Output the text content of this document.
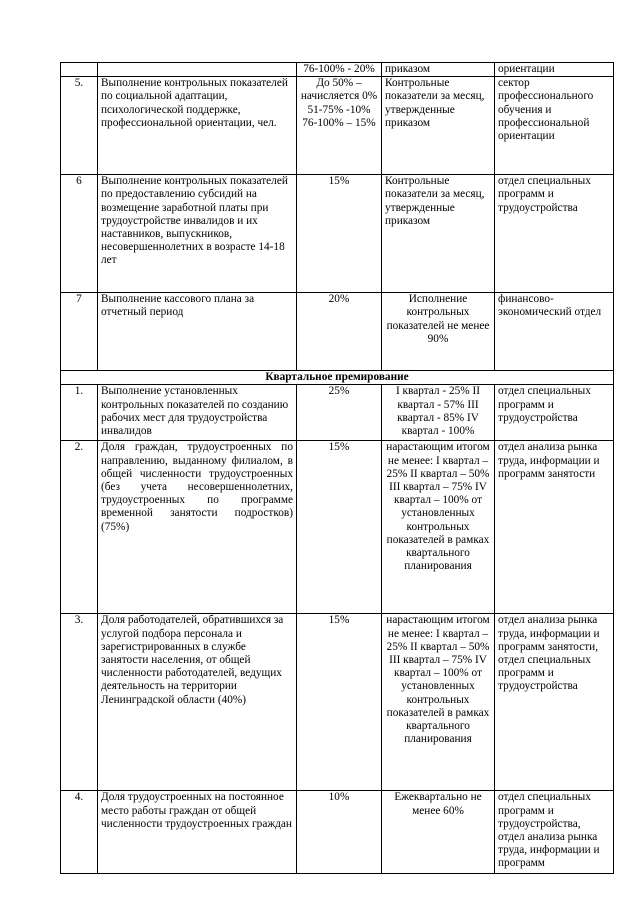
		76-100% - 20%	приказом	ориентации
5.	Выполнение контрольных показателей по социальной адаптации, психологической поддержке, профессиональной ориентации, чел.	До 50% – начисляется 0% 51-75% -10% 76-100% – 15%	Контрольные показатели за месяц, утвержденные приказом	сектор профессионального обучения и профессиональной ориентации
6	Выполнение контрольных показателей по предоставлению субсидий на возмещение заработной платы при трудоустройстве инвалидов и их наставников, выпускников, несовершеннолетних в возрасте 14-18 лет	15%	Контрольные показатели за месяц, утвержденные приказом	отдел специальных программ и трудоустройства
7	Выполнение кассового плана за отчетный период	20%	Исполнение контрольных показателей не менее 90%	финансово-экономический отдел
Квартальное премирование				
1.	Выполнение установленных контрольных показателей по созданию рабочих мест для трудоустройства инвалидов	25%	I квартал - 25% II квартал - 57% III квартал - 85% IV квартал - 100%	отдел специальных программ и трудоустройства
2.	Доля граждан, трудоустроенных по направлению, выданному филиалом, в общей численности трудоустроенных (без учета несовершеннолетних, трудоустроенных по программе временной занятости подростков) (75%)	15%	нарастающим итогом не менее: I квартал – 25% II квартал – 50% III квартал – 75% IV квартал – 100% от установленных контрольных показателей в рамках квартального планирования	отдел анализа рынка труда, информации и программ занятости
3.	Доля работодателей, обратившихся за услугой подбора персонала и зарегистрированных в службе занятости населения, от общей численности работодателей, ведущих деятельность на территории Ленинградской области (40%)	15%	нарастающим итогом не менее: I квартал – 25% II квартал – 50% III квартал – 75% IV квартал – 100% от установленных контрольных показателей в рамках квартального планирования	отдел анализа рынка труда, информации и программ занятости, отдел специальных программ и трудоустройства
4.	Доля трудоустроенных на постоянное место работы граждан от общей численности трудоустроенных граждан	10%	Ежеквартально не менее 60%	отдел специальных программ и трудоустройства, отдел анализа рынка труда, информации и программ
